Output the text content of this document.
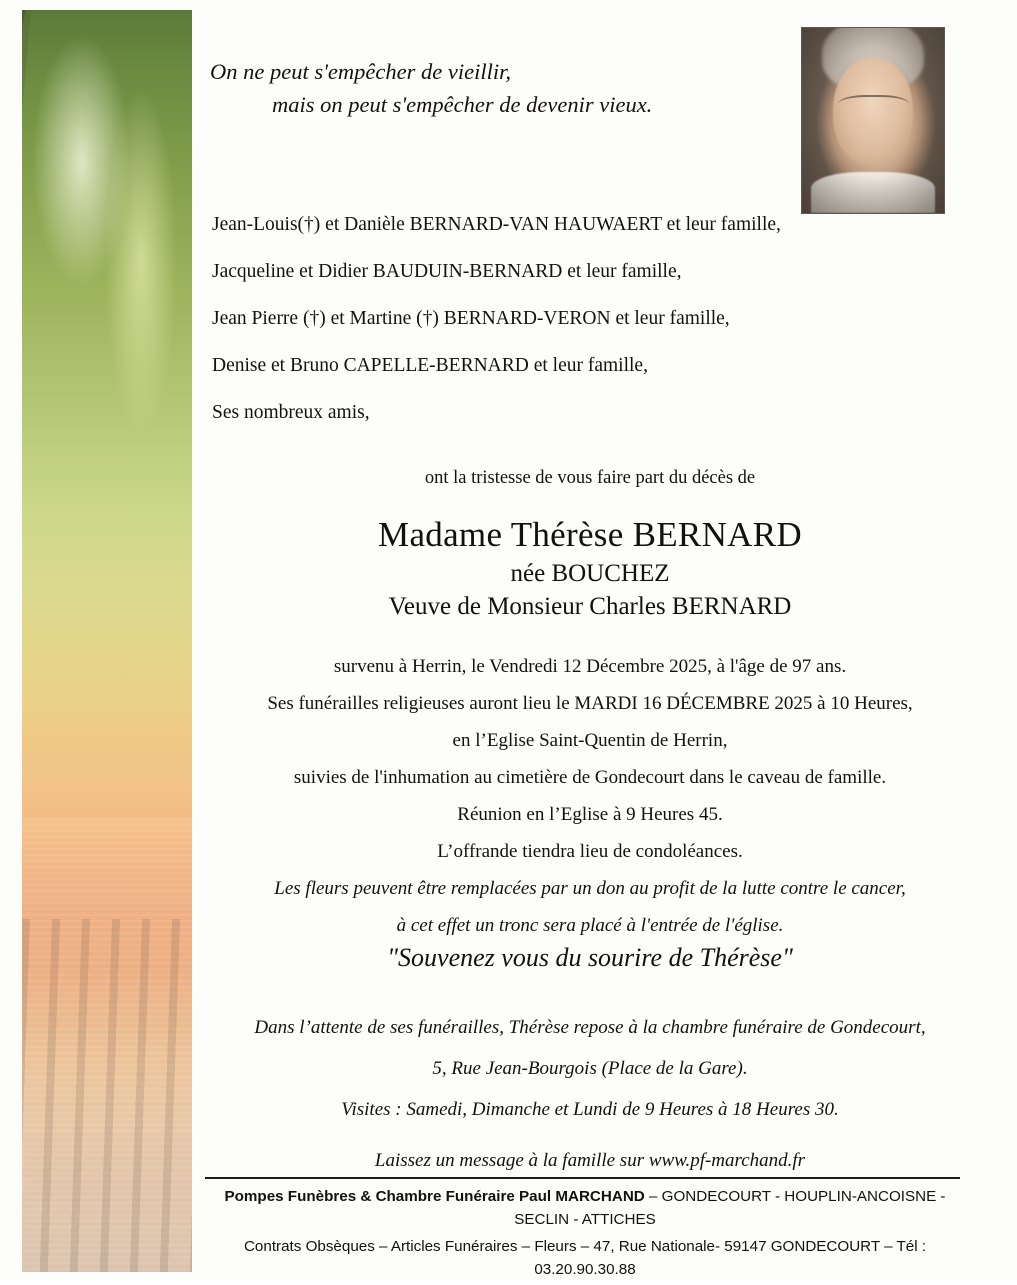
On ne peut s'empêcher de vieillir,
mais on peut s'empêcher de devenir vieux.

Jean-Louis(†) et Danièle BERNARD-VAN HAUWAERT et leur famille,

Jacqueline et Didier BAUDUIN-BERNARD et leur famille,

Jean Pierre (†) et Martine (†) BERNARD-VERON et leur famille,

Denise et Bruno CAPELLE-BERNARD et leur famille,

Ses nombreux amis,

ont la tristesse de vous faire part du décès de

Madame Thérèse BERNARD

née BOUCHEZ

Veuve de Monsieur Charles BERNARD

survenu à Herrin, le Vendredi 12 Décembre 2025, à l'âge de 97 ans.

Ses funérailles religieuses auront lieu le MARDI 16 DÉCEMBRE 2025 à 10 Heures,

en l’Eglise Saint-Quentin de Herrin,

suivies de l'inhumation au cimetière de Gondecourt dans le caveau de famille.

Réunion en l’Eglise à 9 Heures 45.

L’offrande tiendra lieu de condoléances.

Les fleurs peuvent être remplacées par un don au profit de la lutte contre le cancer,

à cet effet un tronc sera placé à l'entrée de l'église.

"Souvenez vous du sourire de Thérèse"

Dans l’attente de ses funérailles, Thérèse repose à la chambre funéraire de Gondecourt,

5, Rue Jean-Bourgois (Place de la Gare).

Visites : Samedi, Dimanche et Lundi de 9 Heures à 18 Heures 30.

Laissez un message à la famille sur www.pf-marchand.fr

Pompes Funèbres & Chambre Funéraire Paul MARCHAND – GONDECOURT - HOUPLIN-ANCOISNE - SECLIN - ATTICHES

Contrats Obsèques – Articles Funéraires – Fleurs – 47, Rue Nationale- 59147 GONDECOURT – Tél : 03.20.90.30.88
